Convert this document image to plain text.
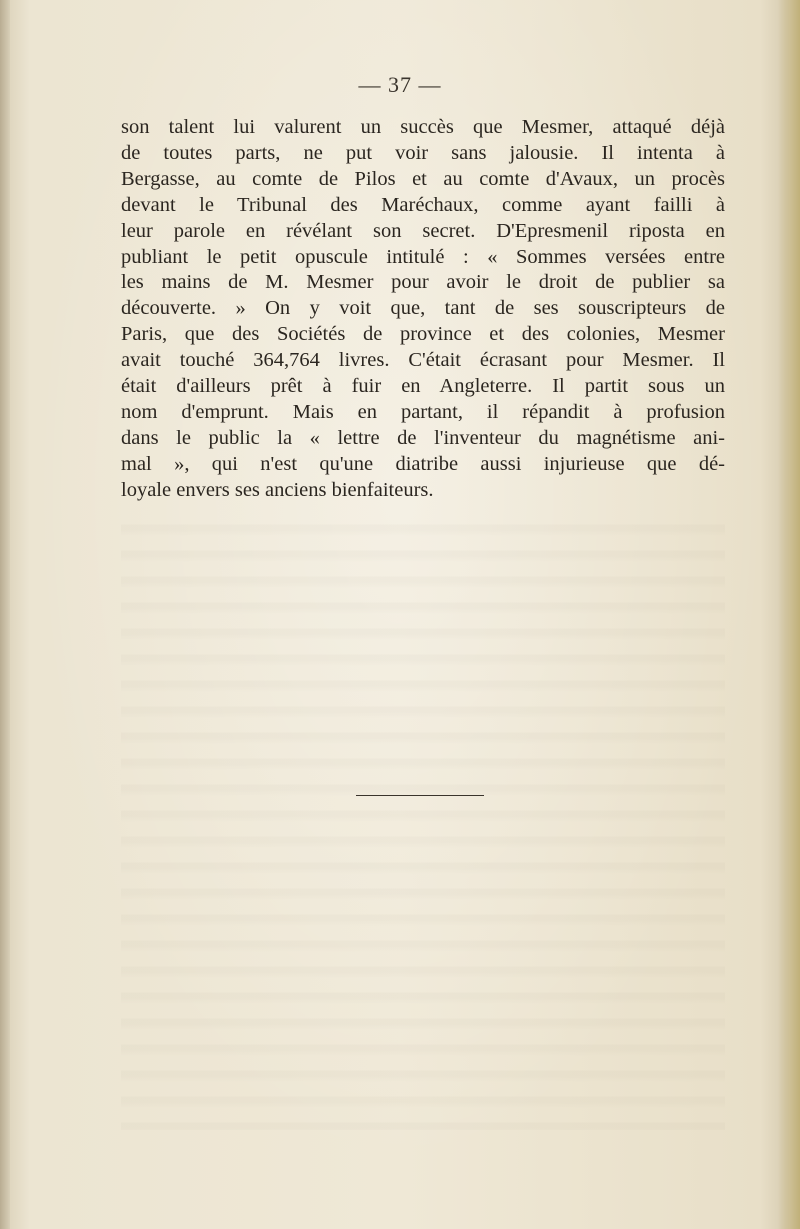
— 37 —
son talent lui valurent un succès que Mesmer, attaqué déjà
de toutes parts, ne put voir sans jalousie. Il intenta à
Bergasse, au comte de Pilos et au comte d'Avaux, un procès
devant le Tribunal des Maréchaux, comme ayant failli à
leur parole en révélant son secret. D'Epresmenil riposta en
publiant le petit opuscule intitulé : « Sommes versées entre
les mains de M. Mesmer pour avoir le droit de publier sa
découverte. » On y voit que, tant de ses souscripteurs de
Paris, que des Sociétés de province et des colonies, Mesmer
avait touché 364,764 livres. C'était écrasant pour Mesmer. Il
était d'ailleurs prêt à fuir en Angleterre. Il partit sous un
nom d'emprunt. Mais en partant, il répandit à profusion
dans le public la « lettre de l'inventeur du magnétisme ani-
mal », qui n'est qu'une diatribe aussi injurieuse que dé-
loyale envers ses anciens bienfaiteurs.
